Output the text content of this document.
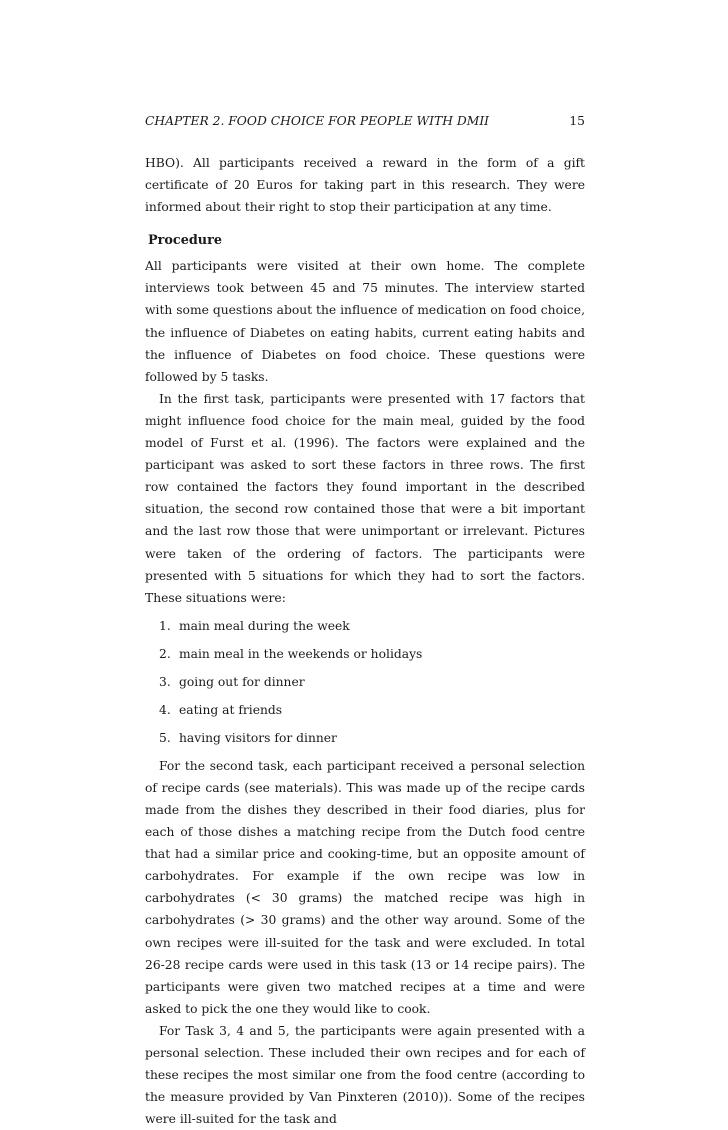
CHAPTER 2. FOOD CHOICE FOR PEOPLE WITH DMII	15

HBO). All participants received a reward in the form of a gift certificate of 20 Euros for taking part in this research. They were informed about their right to stop their participation at any time.

Procedure

All participants were visited at their own home. The complete interviews took between 45 and 75 minutes. The interview started with some questions about the influence of medication on food choice, the influence of Diabetes on eating habits, current eating habits and the influence of Diabetes on food choice. These questions were followed by 5 tasks.

In the first task, participants were presented with 17 factors that might influence food choice for the main meal, guided by the food model of Furst et al. (1996). The factors were explained and the participant was asked to sort these factors in three rows. The first row contained the factors they found important in the described situation, the second row contained those that were a bit important and the last row those that were unimportant or irrelevant. Pictures were taken of the ordering of factors. The participants were presented with 5 situations for which they had to sort the factors. These situations were:

1. main meal during the week
2. main meal in the weekends or holidays
3. going out for dinner
4. eating at friends
5. having visitors for dinner

For the second task, each participant received a personal selection of recipe cards (see materials). This was made up of the recipe cards made from the dishes they described in their food diaries, plus for each of those dishes a matching recipe from the Dutch food centre that had a similar price and cooking-time, but an opposite amount of carbohydrates. For example if the own recipe was low in carbohydrates (< 30 grams) the matched recipe was high in carbohydrates (> 30 grams) and the other way around. Some of the own recipes were ill-suited for the task and were excluded. In total 26-28 recipe cards were used in this task (13 or 14 recipe pairs). The participants were given two matched recipes at a time and were asked to pick the one they would like to cook.

For Task 3, 4 and 5, the participants were again presented with a personal selection. These included their own recipes and for each of these recipes the most similar one from the food centre (according to the measure provided by Van Pinxteren (2010)). Some of the recipes were ill-suited for the task and
